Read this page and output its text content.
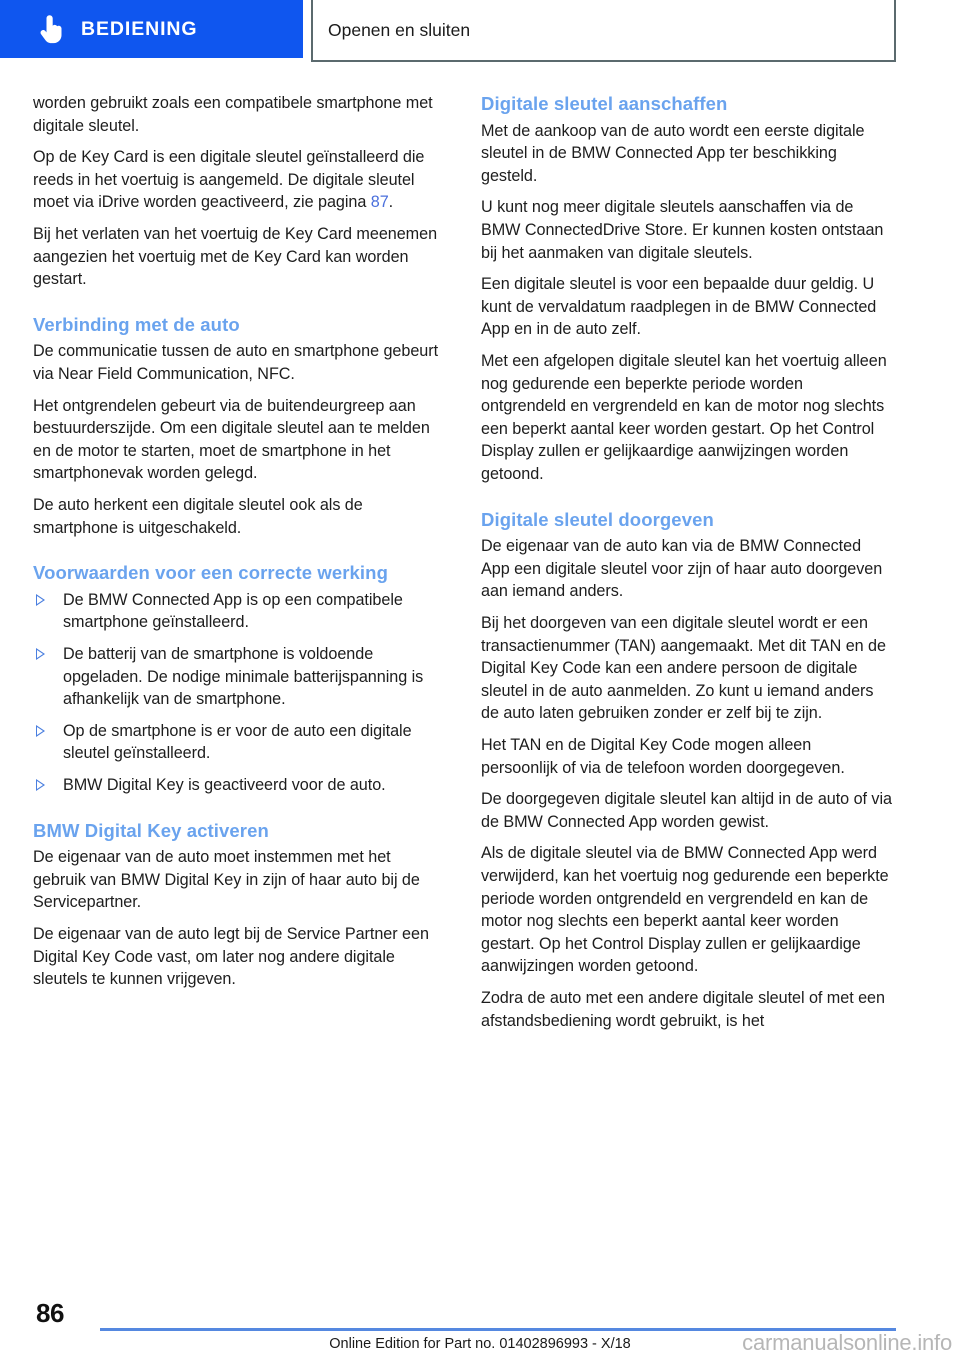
BEDIENING	Openen en sluiten

worden gebruikt zoals een compatibele smartphone met digitale sleutel.

Op de Key Card is een digitale sleutel geïnstalleerd die reeds in het voertuig is aangemeld. De digitale sleutel moet via iDrive worden geactiveerd, zie pagina 87.

Bij het verlaten van het voertuig de Key Card meenemen aangezien het voertuig met de Key Card kan worden gestart.

Verbinding met de auto

De communicatie tussen de auto en smartphone gebeurt via Near Field Communication, NFC.

Het ontgrendelen gebeurt via de buitendeurgreep aan bestuurderszijde. Om een digitale sleutel aan te melden en de motor te starten, moet de smartphone in het smartphonevak worden gelegd.

De auto herkent een digitale sleutel ook als de smartphone is uitgeschakeld.

Voorwaarden voor een correcte werking
De BMW Connected App is op een compatibele smartphone geïnstalleerd.
De batterij van de smartphone is voldoende opgeladen. De nodige minimale batterijspanning is afhankelijk van de smartphone.
Op de smartphone is er voor de auto een digitale sleutel geïnstalleerd.
BMW Digital Key is geactiveerd voor de auto.
BMW Digital Key activeren

De eigenaar van de auto moet instemmen met het gebruik van BMW Digital Key in zijn of haar auto bij de Servicepartner.

De eigenaar van de auto legt bij de Service Partner een Digital Key Code vast, om later nog andere digitale sleutels te kunnen vrijgeven.

Digitale sleutel aanschaffen

Met de aankoop van de auto wordt een eerste digitale sleutel in de BMW Connected App ter beschikking gesteld.

U kunt nog meer digitale sleutels aanschaffen via de BMW ConnectedDrive Store. Er kunnen kosten ontstaan bij het aanmaken van digitale sleutels.

Een digitale sleutel is voor een bepaalde duur geldig. U kunt de vervaldatum raadplegen in de BMW Connected App en in de auto zelf.

Met een afgelopen digitale sleutel kan het voertuig alleen nog gedurende een beperkte periode worden ontgrendeld en vergrendeld en kan de motor nog slechts een beperkt aantal keer worden gestart. Op het Control Display zullen er gelijkaardige aanwijzingen worden getoond.

Digitale sleutel doorgeven

De eigenaar van de auto kan via de BMW Connected App een digitale sleutel voor zijn of haar auto doorgeven aan iemand anders.

Bij het doorgeven van een digitale sleutel wordt er een transactienummer (TAN) aangemaakt. Met dit TAN en de Digital Key Code kan een andere persoon de digitale sleutel in de auto aanmelden. Zo kunt u iemand anders de auto laten gebruiken zonder er zelf bij te zijn.

Het TAN en de Digital Key Code mogen alleen persoonlijk of via de telefoon worden doorgegeven.

De doorgegeven digitale sleutel kan altijd in de auto of via de BMW Connected App worden gewist.

Als de digitale sleutel via de BMW Connected App werd verwijderd, kan het voertuig nog gedurende een beperkte periode worden ontgrendeld en vergrendeld en kan de motor nog slechts een beperkt aantal keer worden gestart. Op het Control Display zullen er gelijkaardige aanwijzingen worden getoond.

Zodra de auto met een andere digitale sleutel of met een afstandsbediening wordt gebruikt, is het

86
Online Edition for Part no. 01402896993 - X/18	carmanualsonline.info
